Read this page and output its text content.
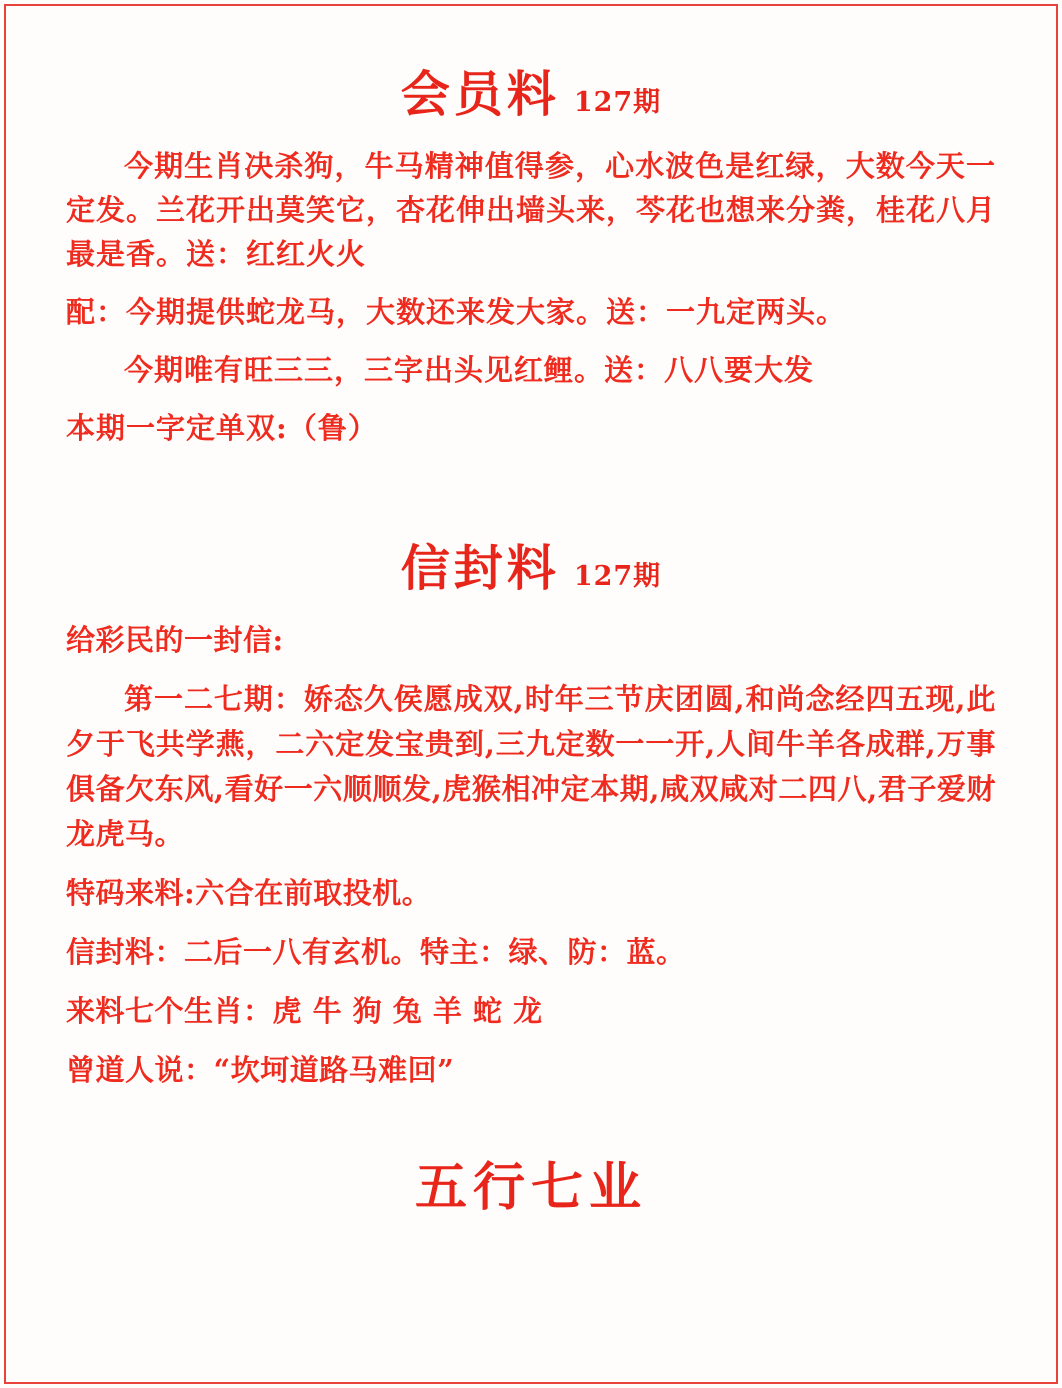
会员料 127期

今期生肖决杀狗，牛马精神值得参，心水波色是红绿，大数今天一定发。兰花开出莫笑它，杏花伸出墙头来，芩花也想来分粪，桂花八月最是香。送：红红火火

配：今期提供蛇龙马，大数还来发大家。送：一九定两头。

今期唯有旺三三，三字出头见红鲤。送：八八要大发

本期一字定单双:（鲁）

信封料 127期

给彩民的一封信:

第一二七期：娇态久侯愿成双,时年三节庆团圆,和尚念经四五现,此夕于飞共学燕，二六定发宝贵到,三九定数一一开,人间牛羊各成群,万事俱备欠东风,看好一六顺顺发,虎猴相冲定本期,咸双咸对二四八,君子爱财龙虎马。

特码来料:六合在前取投机。

信封料：二后一八有玄机。特主：绿、防：蓝。

来料七个生肖：虎 牛 狗 兔 羊 蛇 龙

曾道人说：“坎坷道路马难回”

五行七业
